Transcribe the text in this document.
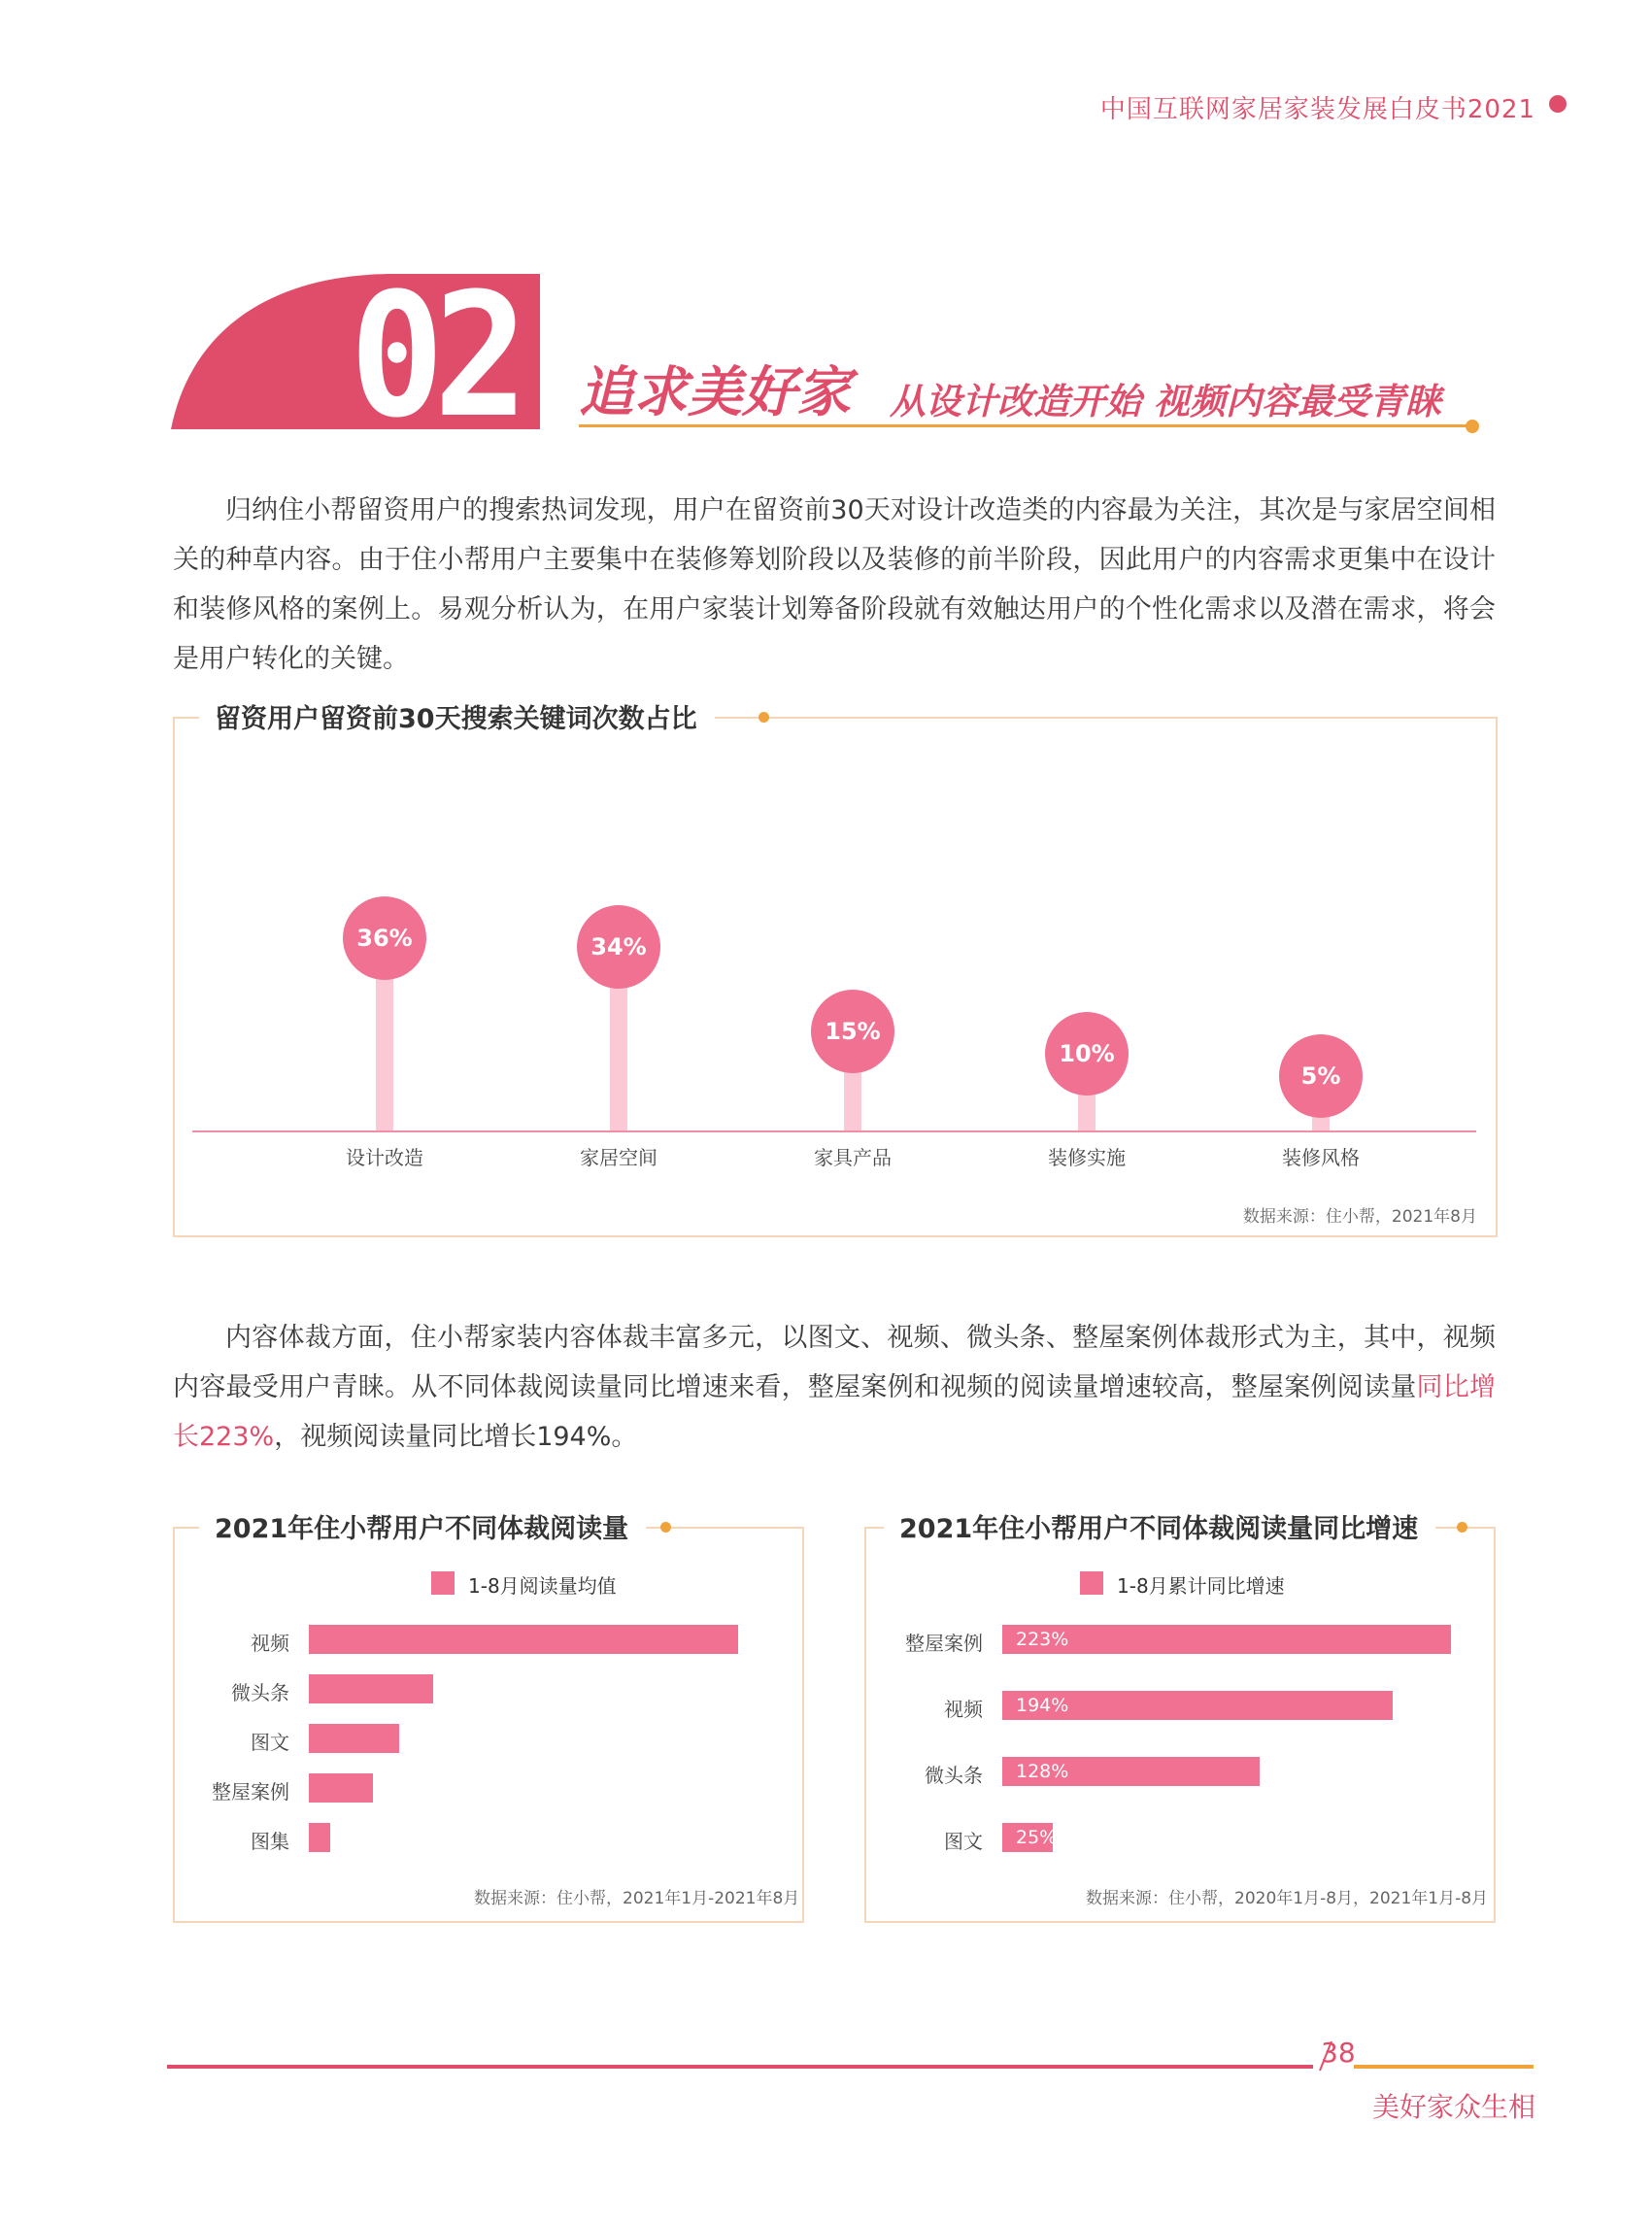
中国互联网家居家装发展白皮书2021
02 追求美好家 从设计改造开始 视频内容最受青睐

归纳住小帮留资用户的搜索热词发现，用户在留资前30天对设计改造类的内容最为关注，其次是与家居空间相关的种草内容。由于住小帮用户主要集中在装修筹划阶段以及装修的前半阶段，因此用户的内容需求更集中在设计和装修风格的案例上。易观分析认为，在用户家装计划筹备阶段就有效触达用户的个性化需求以及潜在需求，将会是用户转化的关键。

留资用户留资前30天搜索关键词次数占比
数据来源：住小帮，2021年8月

内容体裁方面，住小帮家装内容体裁丰富多元，以图文、视频、微头条、整屋案例体裁形式为主，其中，视频内容最受用户青睐。从不同体裁阅读量同比增速来看，整屋案例和视频的阅读量增速较高，整屋案例阅读量同比增长223%，视频阅读量同比增长194%。

2021年住小帮用户不同体裁阅读量
1-8月阅读量均值
数据来源：住小帮，2021年1月-2021年8月
2021年住小帮用户不同体裁阅读量同比增速
1-8月累计同比增速
数据来源：住小帮，2020年1月-8月，2021年1月-8月
38
美好家众生相
36%
设计改造
34%
家居空间
15%
家具产品
10%
装修实施
5%
装修风格
视频
微头条
图文
整屋案例
图集
整屋案例	223%
视频	194%
微头条	128%
图文	25%
